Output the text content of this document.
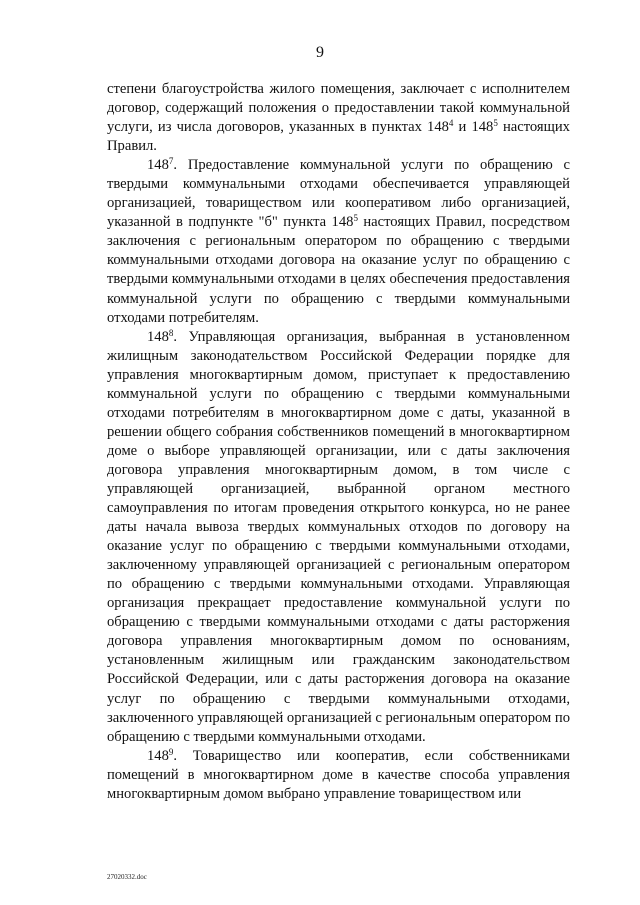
9

степени благоустройства жилого помещения, заключает с исполнителем договор, содержащий положения о предоставлении такой коммунальной услуги, из числа договоров, указанных в пунктах $148^4$ и $148^5$ настоящих Правил.

$148^7$. Предоставление коммунальной услуги по обращению с твердыми коммунальными отходами обеспечивается управляющей организацией, товариществом или кооперативом либо организацией, указанной в подпункте "б" пункта $148^5$ настоящих Правил, посредством заключения с региональным оператором по обращению с твердыми коммунальными отходами договора на оказание услуг по обращению с твердыми коммунальными отходами в целях обеспечения предоставления коммунальной услуги по обращению с твердыми коммунальными отходами потребителям.

$148^8$. Управляющая организация, выбранная в установленном жилищным законодательством Российской Федерации порядке для управления многоквартирным домом, приступает к предоставлению коммунальной услуги по обращению с твердыми коммунальными отходами потребителям в многоквартирном доме с даты, указанной в решении общего собрания собственников помещений в многоквартирном доме о выборе управляющей организации, или с даты заключения договора управления многоквартирным домом, в том числе с управляющей организацией, выбранной органом местного самоуправления по итогам проведения открытого конкурса, но не ранее даты начала вывоза твердых коммунальных отходов по договору на оказание услуг по обращению с твердыми коммунальными отходами, заключенному управляющей организацией с региональным оператором по обращению с твердыми коммунальными отходами. Управляющая организация прекращает предоставление коммунальной услуги по обращению с твердыми коммунальными отходами с даты расторжения договора управления многоквартирным домом по основаниям, установленным жилищным или гражданским законодательством Российской Федерации, или с даты расторжения договора на оказание услуг по обращению с твердыми коммунальными отходами, заключенного управляющей организацией с региональным оператором по обращению с твердыми коммунальными отходами.

$148^9$. Товарищество или кооператив, если собственниками помещений в многоквартирном доме в качестве способа управления многоквартирным домом выбрано управление товариществом или

27020332.doc
